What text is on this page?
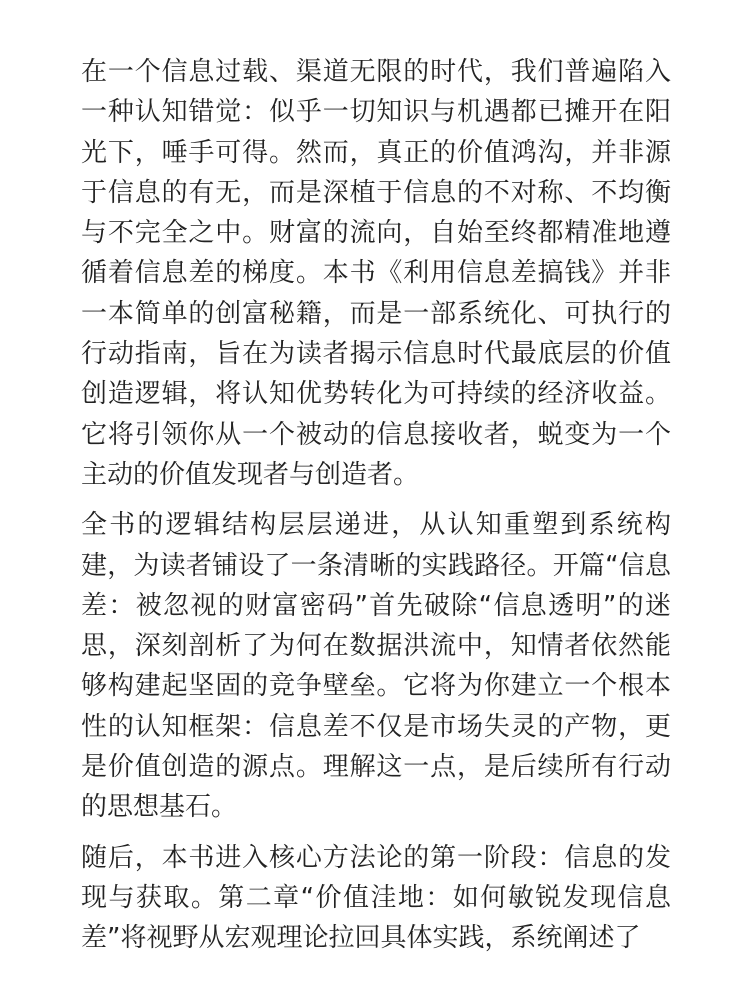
在一个信息过载、渠道无限的时代，我们普遍陷入一种认知错觉：似乎一切知识与机遇都已摊开在阳光下，唾手可得。然而，真正的价值鸿沟，并非源于信息的有无，而是深植于信息的不对称、不均衡与不完全之中。财富的流向，自始至终都精准地遵循着信息差的梯度。本书《利用信息差搞钱》并非一本简单的创富秘籍，而是一部系统化、可执行的行动指南，旨在为读者揭示信息时代最底层的价值创造逻辑，将认知优势转化为可持续的经济收益。它将引领你从一个被动的信息接收者，蜕变为一个主动的价值发现者与创造者。

全书的逻辑结构层层递进，从认知重塑到系统构建，为读者铺设了一条清晰的实践路径。开篇“信息差：被忽视的财富密码”首先破除“信息透明”的迷思，深刻剖析了为何在数据洪流中，知情者依然能够构建起坚固的竞争壁垒。它将为你建立一个根本性的认知框架：信息差不仅是市场失灵的产物，更是价值创造的源点。理解这一点，是后续所有行动的思想基石。

随后，本书进入核心方法论的第一阶段：信息的发现与获取。第二章“价值洼地：如何敏锐发现信息差”将视野从宏观理论拉回具体实践，系统阐述了
